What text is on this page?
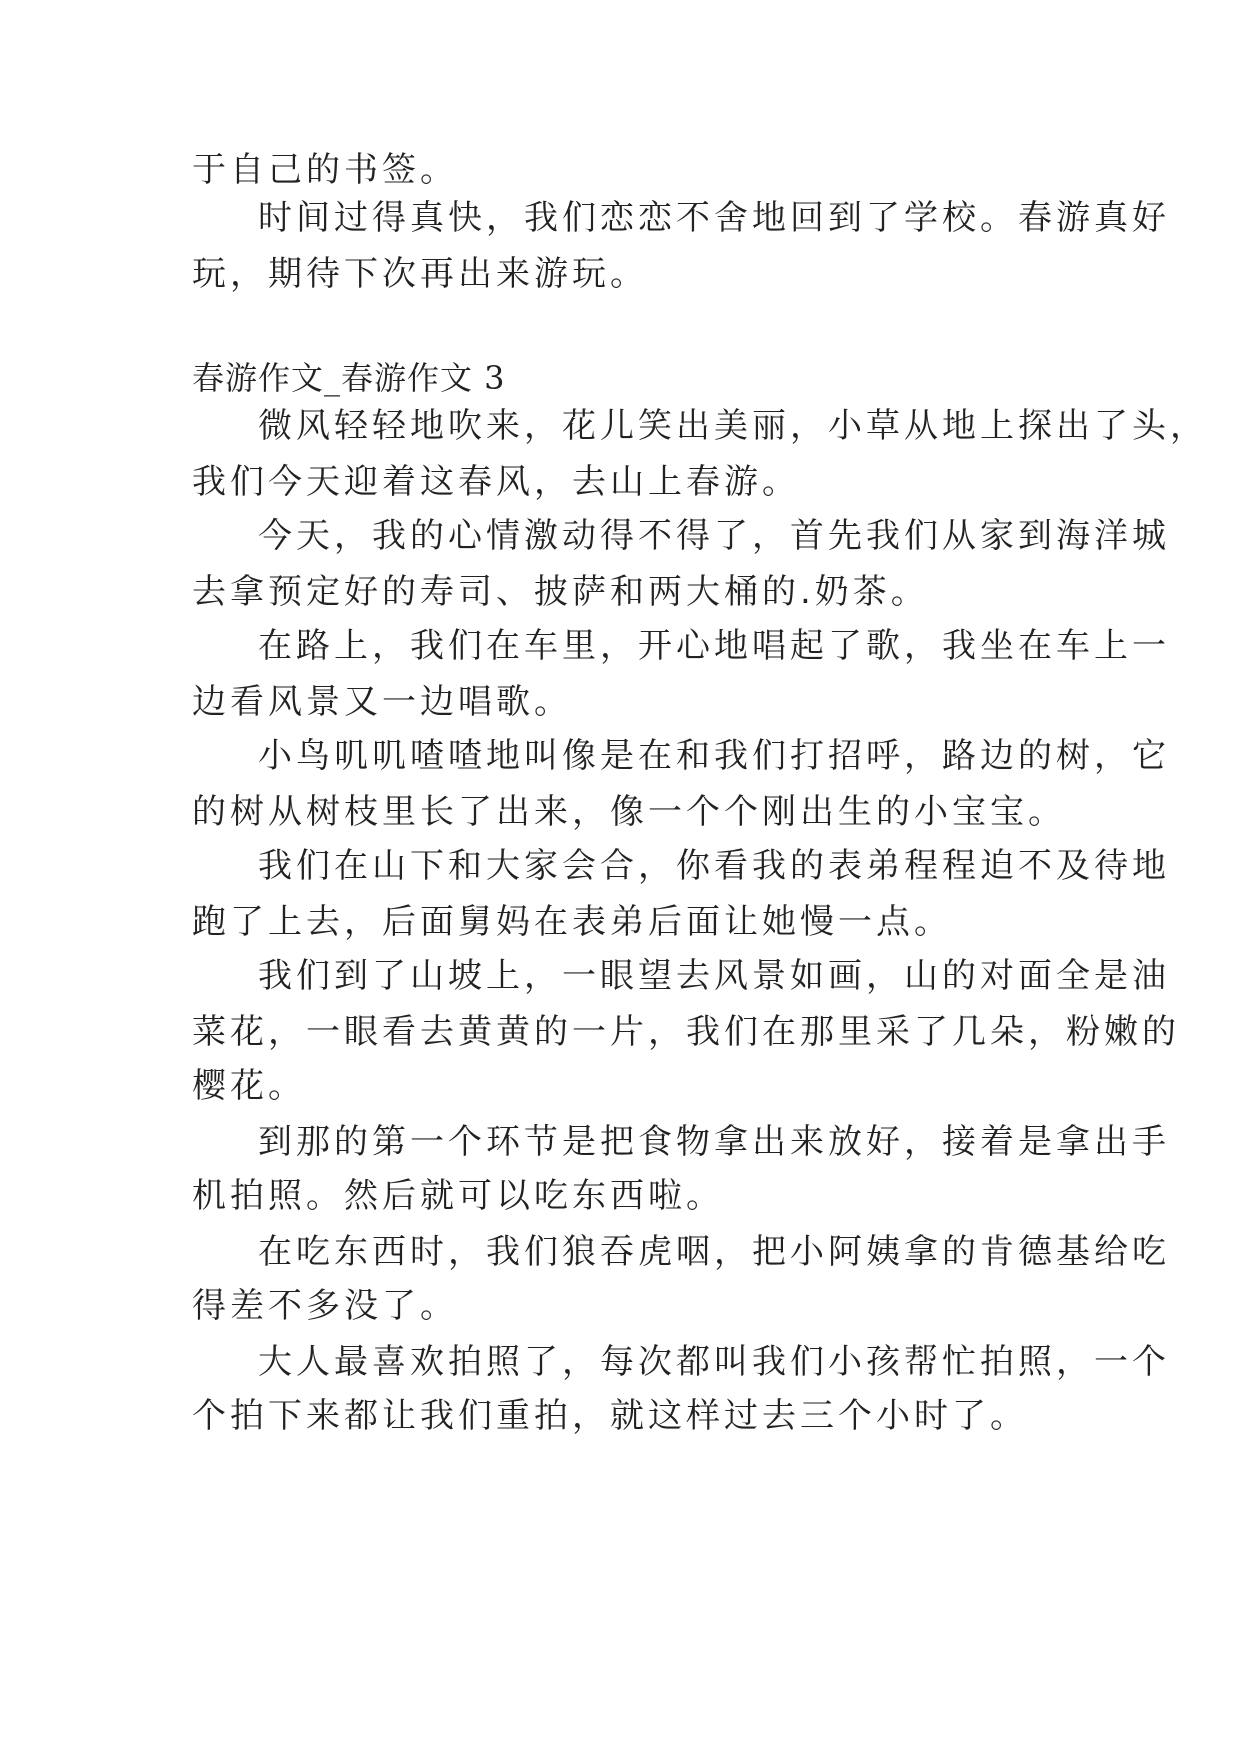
于自己的书签。
时间过得真快，我们恋恋不舍地回到了学校。春游真好
玩，期待下次再出来游玩。
春游作文_春游作文 3
微风轻轻地吹来，花儿笑出美丽，小草从地上探出了头，
我们今天迎着这春风，去山上春游。
今天，我的心情激动得不得了，首先我们从家到海洋城
去拿预定好的寿司、披萨和两大桶的.奶茶。
在路上，我们在车里，开心地唱起了歌，我坐在车上一
边看风景又一边唱歌。
小鸟叽叽喳喳地叫像是在和我们打招呼，路边的树，它
的树从树枝里长了出来，像一个个刚出生的小宝宝。
我们在山下和大家会合，你看我的表弟程程迫不及待地
跑了上去，后面舅妈在表弟后面让她慢一点。
我们到了山坡上，一眼望去风景如画，山的对面全是油
菜花，一眼看去黄黄的一片，我们在那里采了几朵，粉嫩的
樱花。
到那的第一个环节是把食物拿出来放好，接着是拿出手
机拍照。然后就可以吃东西啦。
在吃东西时，我们狼吞虎咽，把小阿姨拿的肯德基给吃
得差不多没了。
大人最喜欢拍照了，每次都叫我们小孩帮忙拍照，一个
个拍下来都让我们重拍，就这样过去三个小时了。
